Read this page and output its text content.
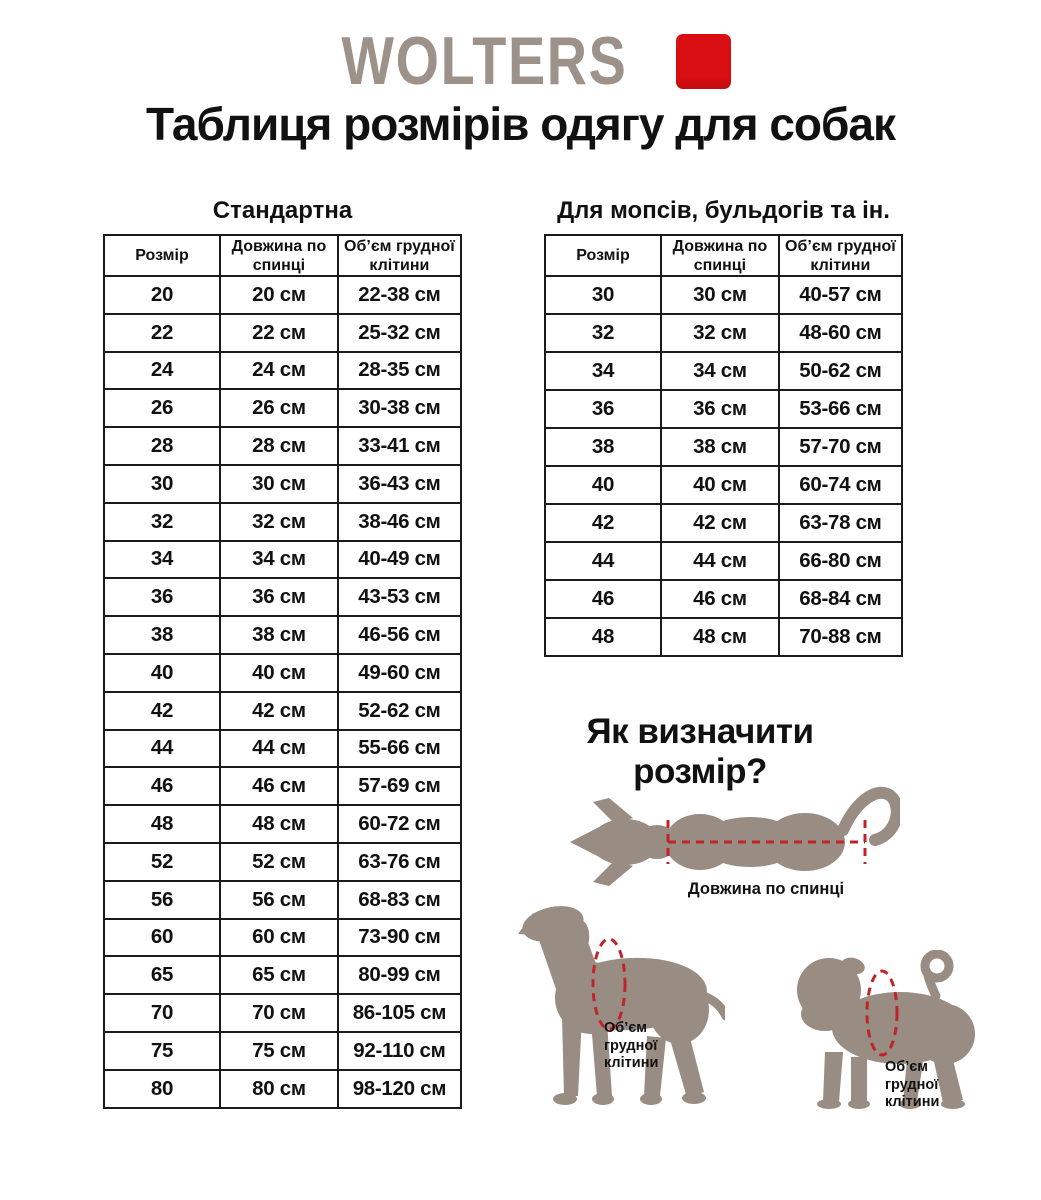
WOLTERS
Таблиця розмірів одягу для собак
Стандартна
Розмір	Довжина по спинці	Об’єм грудної клітини
20	20 см	22-38 см
22	22 см	25-32 см
24	24 см	28-35 см
26	26 см	30-38 см
28	28 см	33-41 см
30	30 см	36-43 см
32	32 см	38-46 см
34	34 см	40-49 см
36	36 см	43-53 см
38	38 см	46-56 см
40	40 см	49-60 см
42	42 см	52-62 см
44	44 см	55-66 см
46	46 см	57-69 см
48	48 см	60-72 см
52	52 см	63-76 см
56	56 см	68-83 см
60	60 см	73-90 см
65	65 см	80-99 см
70	70 см	86-105 см
75	75 см	92-110 см
80	80 см	98-120 см
Для мопсів, бульдогів та ін.
Розмір	Довжина по спинці	Об’єм грудної клітини
30	30 см	40-57 см
32	32 см	48-60 см
34	34 см	50-62 см
36	36 см	53-66 см
38	38 см	57-70 см
40	40 см	60-74 см
42	42 см	63-78 см
44	44 см	66-80 см
46	46 см	68-84 см
48	48 см	70-88 см
Як визначити розмір?
Довжина по спинці
Об’єм
грудної
клітини	Об’єм
грудної
клітини
